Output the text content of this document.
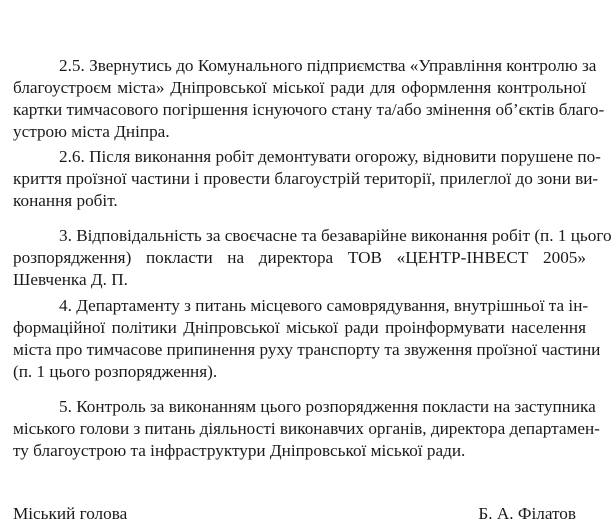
2.5. Звернутись до Комунального підприємства «Управління контролю за
благоустроєм міста» Дніпровської міської ради для оформлення контрольної
картки тимчасового погіршення існуючого стану та/або змінення об’єктів благо-
устрою міста Дніпра.
2.6. Після виконання робіт демонтувати огорожу, відновити порушене по-
криття проїзної частини і провести благоустрій території, прилеглої до зони ви-
конання робіт.
3. Відповідальність за своєчасне та безаварійне виконання робіт (п. 1 цього
розпорядження) покласти на директора ТОВ «ЦЕНТР-ІНВЕСТ 2005»
Шевченка Д. П.
4. Департаменту з питань місцевого самоврядування, внутрішньої та ін-
формаційної політики Дніпровської міської ради проінформувати населення
міста про тимчасове припинення руху транспорту та звуження проїзної частини
(п. 1 цього розпорядження).
5. Контроль за виконанням цього розпорядження покласти на заступника
міського голови з питань діяльності виконавчих органів, директора департамен-
ту благоустрою та інфраструктури Дніпровської міської ради.
Міський голова	Б. А. Філатов
